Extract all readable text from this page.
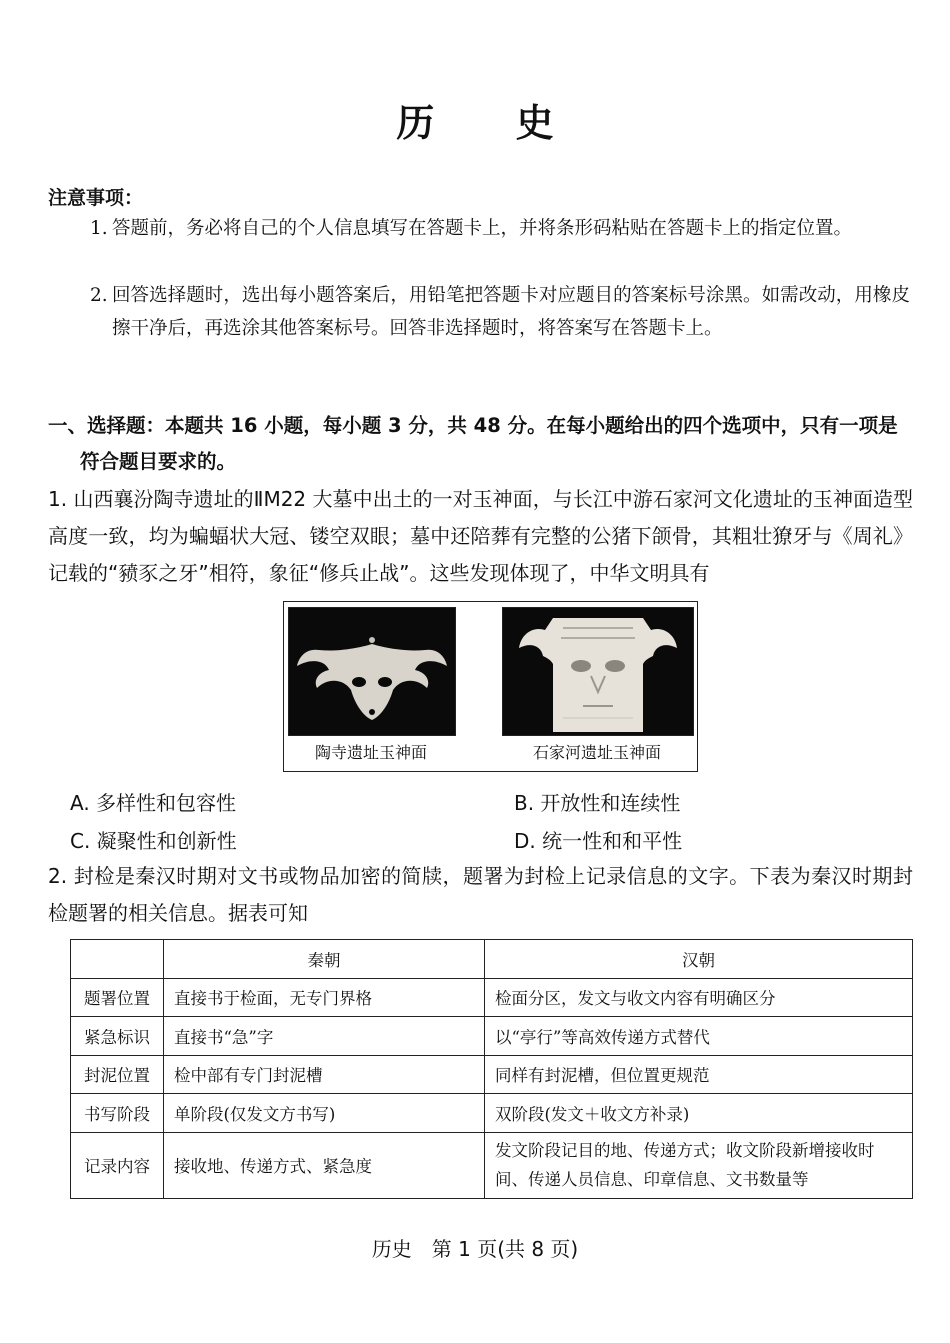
历 史
注意事项：
1. 答题前，务必将自己的个人信息填写在答题卡上，并将条形码粘贴在答题卡上的指定位置。
2. 回答选择题时，选出每小题答案后，用铅笔把答题卡对应题目的答案标号涂黑。如需改动，用橡皮擦干净后，再选涂其他答案标号。回答非选择题时，将答案写在答题卡上。
一、选择题：本题共 16 小题，每小题 3 分，共 48 分。在每小题给出的四个选项中，只有一项是
符合题目要求的。
1. 山西襄汾陶寺遗址的ⅡM22 大墓中出土的一对玉神面，与长江中游石家河文化遗址的玉神面造型高度一致，均为蝙蝠状大冠、镂空双眼；墓中还陪葬有完整的公猪下颌骨，其粗壮獠牙与《周礼》记载的“豮豕之牙”相符，象征“修兵止战”。这些发现体现了，中华文明具有
陶寺遗址玉神面	石家河遗址玉神面
A. 多样性和包容性	B. 开放性和连续性
C. 凝聚性和创新性	D. 统一性和和平性
2. 封检是秦汉时期对文书或物品加密的简牍，题署为封检上记录信息的文字。下表为秦汉时期封检题署的相关信息。据表可知
	秦朝	汉朝
题署位置	直接书于检面，无专门界格	检面分区，发文与收文内容有明确区分
紧急标识	直接书“急”字	以“亭行”等高效传递方式替代
封泥位置	检中部有专门封泥槽	同样有封泥槽，但位置更规范
书写阶段	单阶段(仅发文方书写)	双阶段(发文＋收文方补录)
记录内容	接收地、传递方式、紧急度	发文阶段记目的地、传递方式；收文阶段新增接收时间、传递人员信息、印章信息、文书数量等
历史　第 1 页(共 8 页)
